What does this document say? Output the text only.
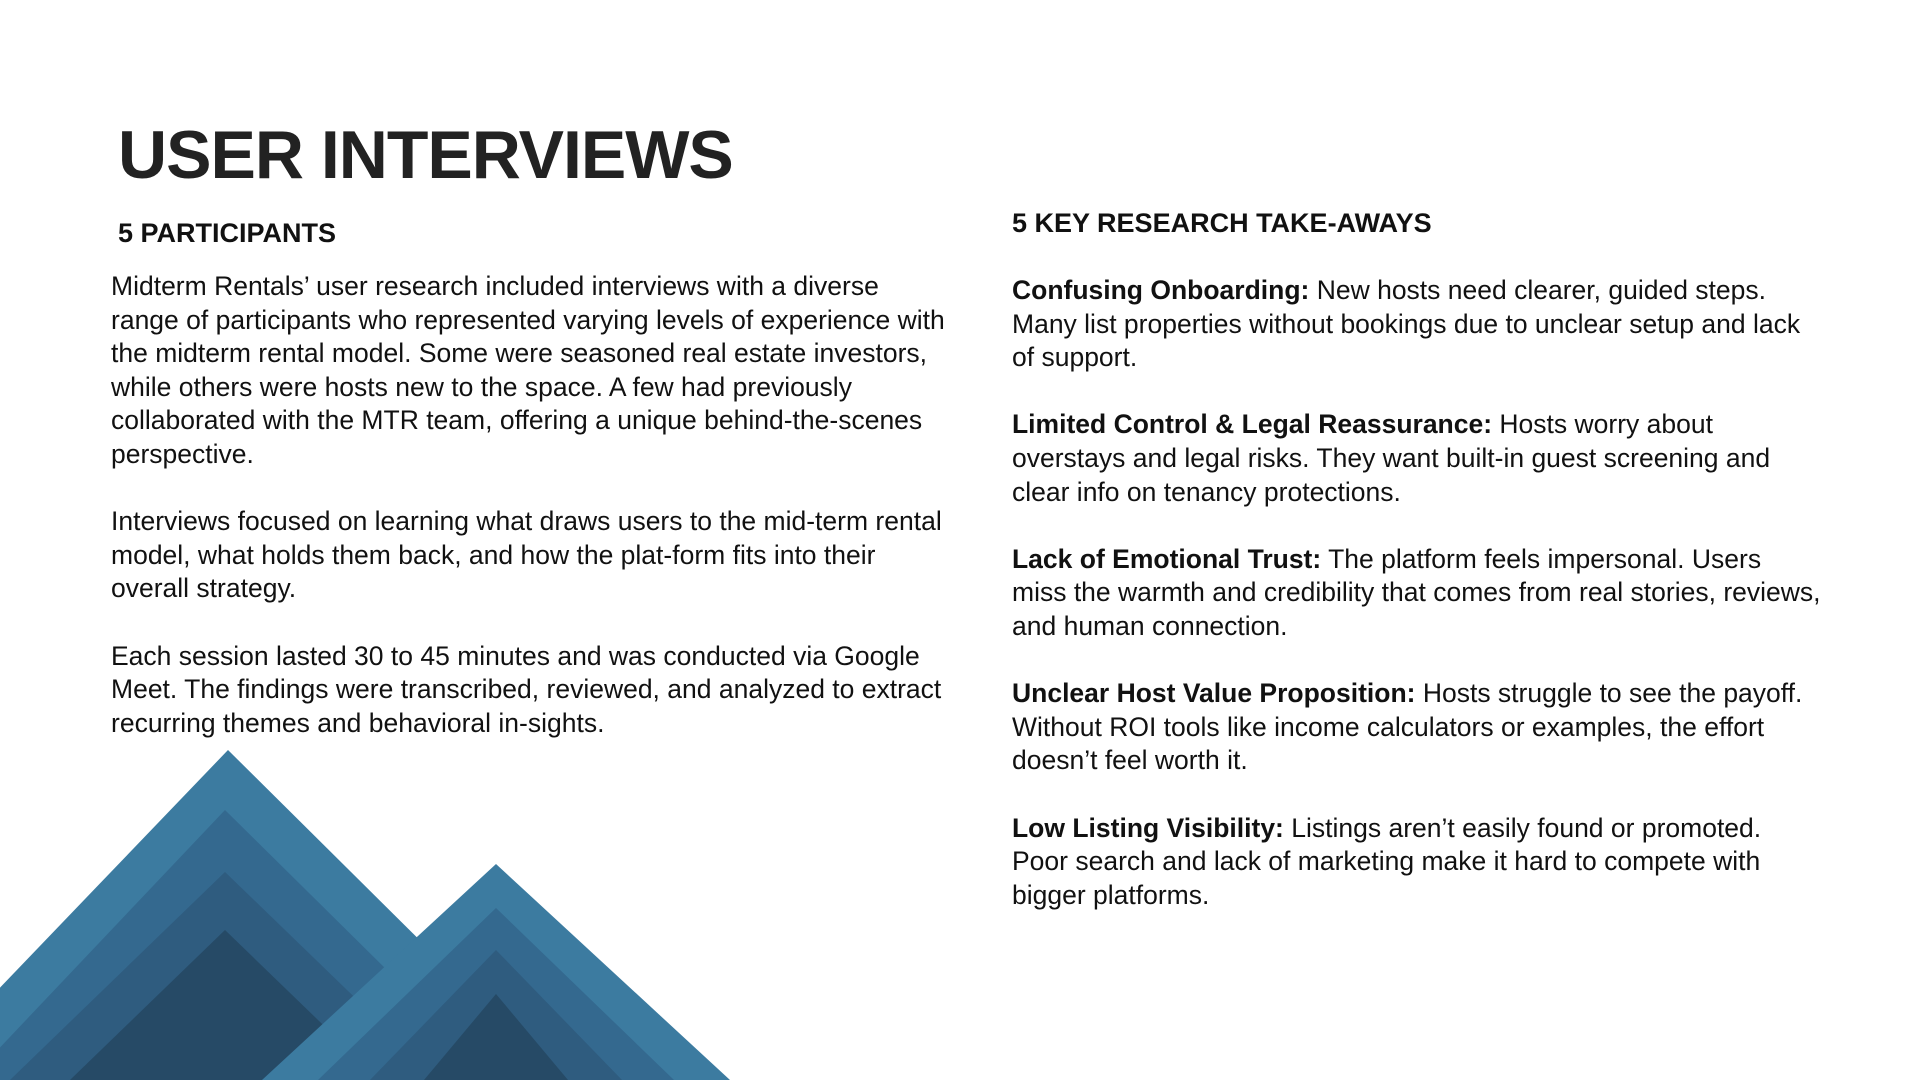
USER INTERVIEWS
5 PARTICIPANTS

Midterm Rentals’ user research included interviews with a diverse range of participants who represented varying levels of experience with the midterm rental model. Some were seasoned real estate investors, while others were hosts new to the space. A few had previously collaborated with the MTR team, offering a unique behind-the-scenes perspective.

Interviews focused on learning what draws users to the mid-term rental model, what holds them back, and how the plat-form fits into their overall strategy.

Each session lasted 30 to 45 minutes and was conducted via Google Meet. The findings were transcribed, reviewed, and analyzed to extract recurring themes and behavioral in-sights.

5 KEY RESEARCH TAKE-AWAYS

Confusing Onboarding: New hosts need clearer, guided steps. Many list properties without bookings due to unclear setup and lack of support.

Limited Control & Legal Reassurance: Hosts worry about overstays and legal risks. They want built-in guest screening and clear info on tenancy protections.

Lack of Emotional Trust: The platform feels impersonal. Users miss the warmth and credibility that comes from real stories, reviews, and human connection.

Unclear Host Value Proposition: Hosts struggle to see the payoff. Without ROI tools like income calculators or examples, the effort doesn’t feel worth it.

Low Listing Visibility: Listings aren’t easily found or promoted. Poor search and lack of marketing make it hard to compete with bigger platforms.
